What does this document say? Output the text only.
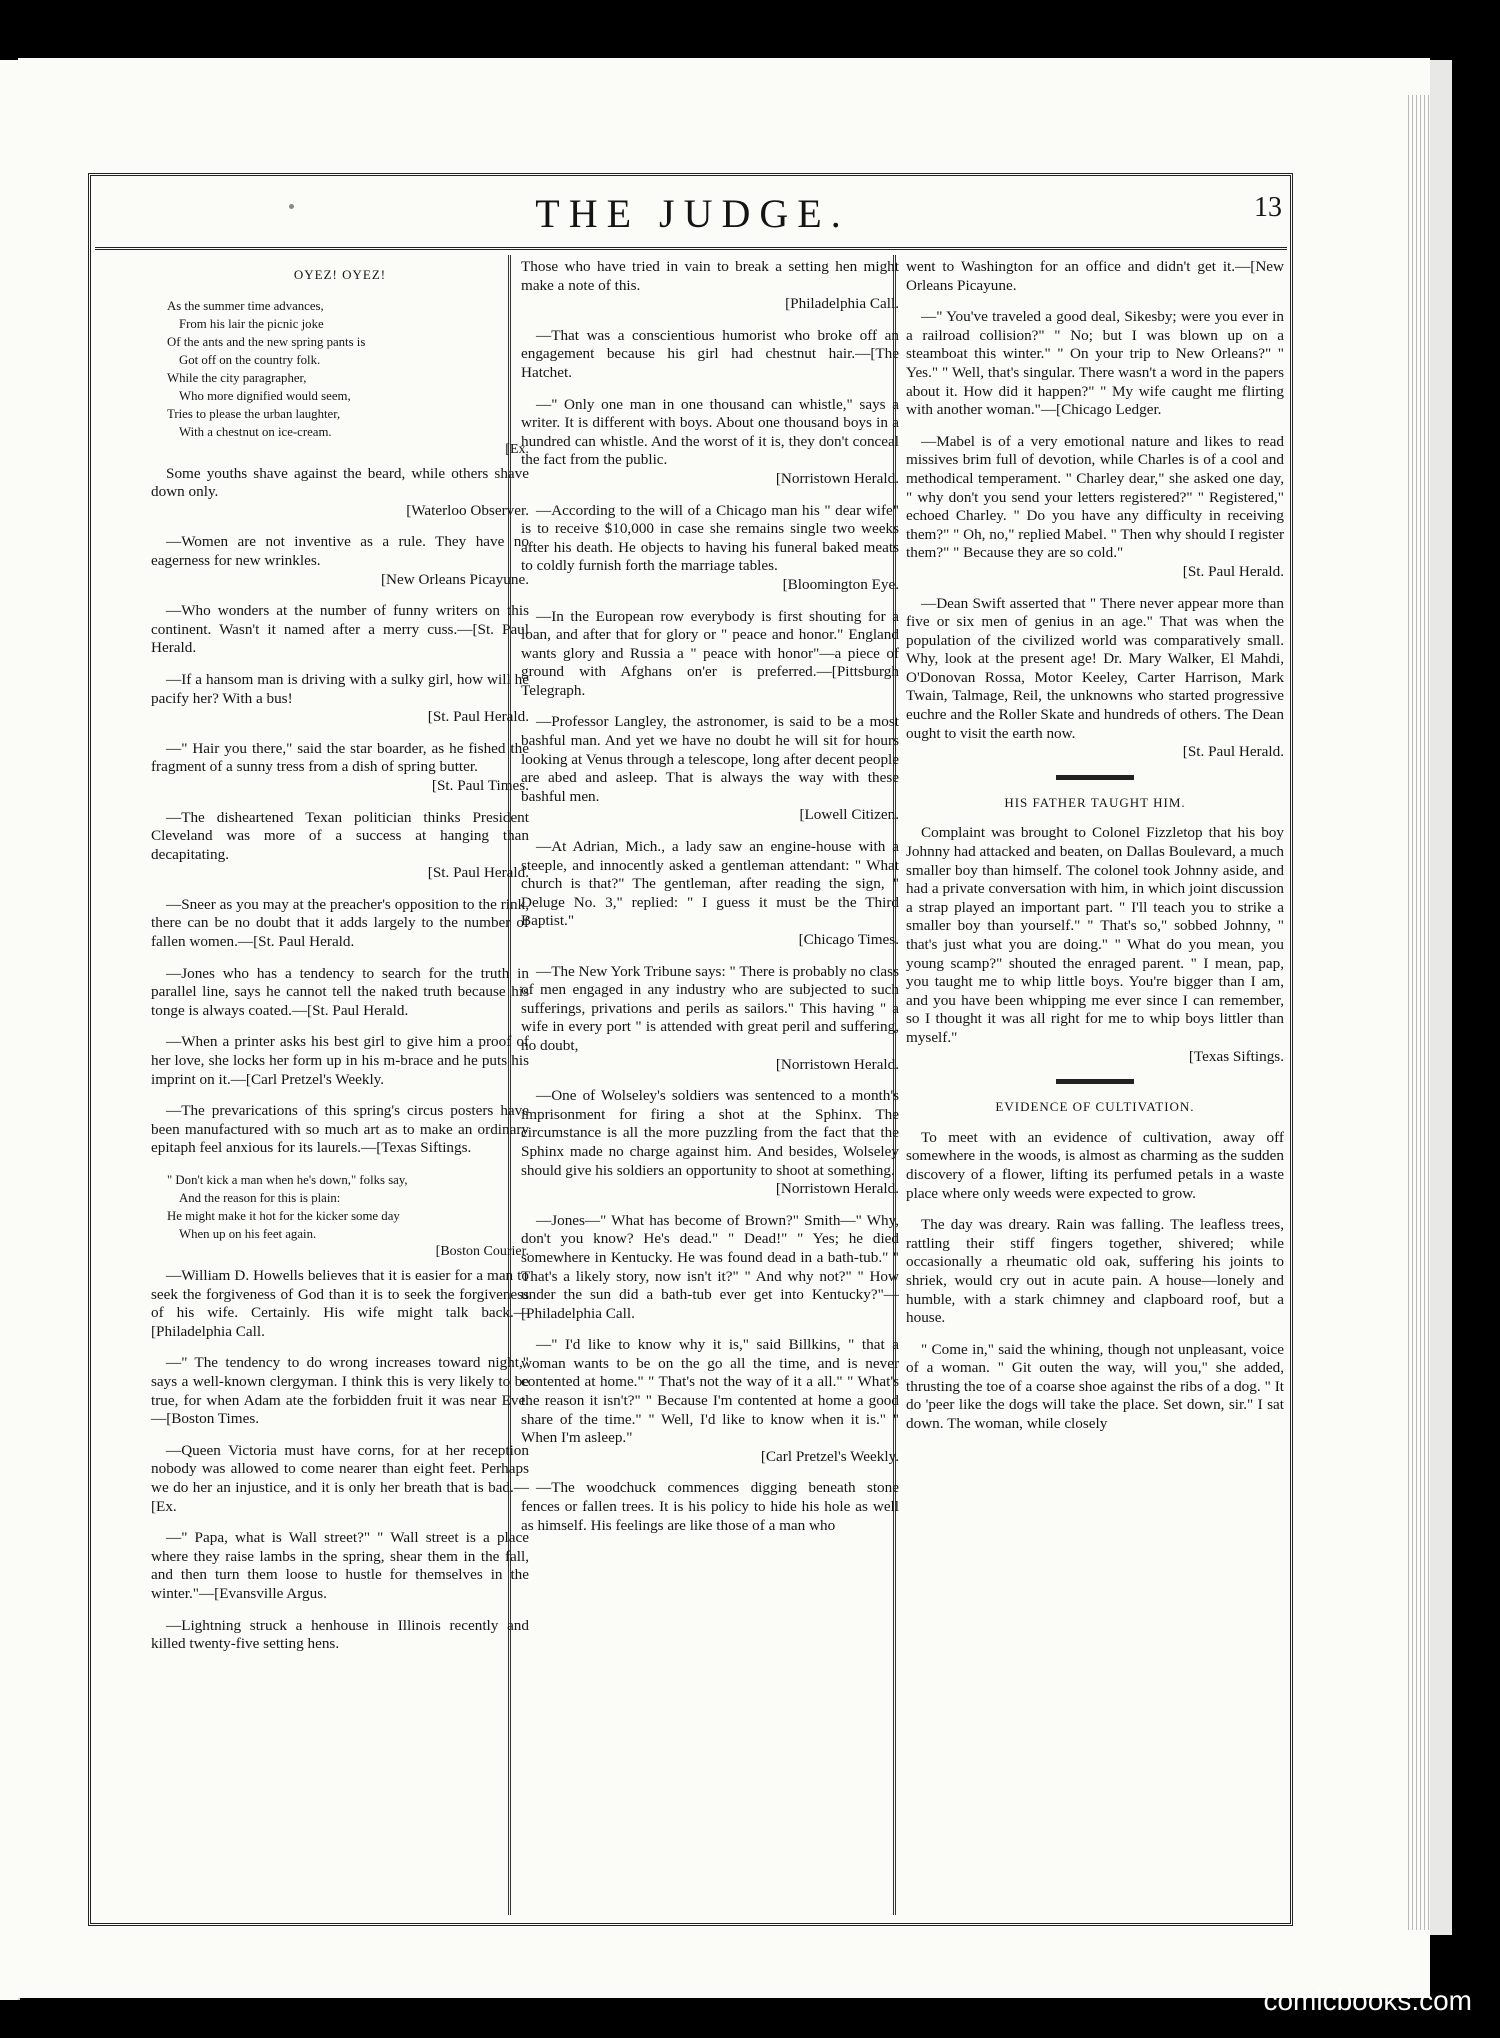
THE JUDGE.	13
OYEZ! OYEZ!
As the summer time advances,
From his lair the picnic joke
Of the ants and the new spring pants is
Got off on the country folk.
While the city paragrapher,
Who more dignified would seem,
Tries to please the urban laughter,
With a chestnut on ice-cream.
[Ex.

Some youths shave against the beard, while others shave down only.
[Waterloo Observer.

—Women are not inventive as a rule. They have no eagerness for new wrinkles.
[New Orleans Picayune.

—Who wonders at the number of funny writers on this continent. Wasn't it named after a merry cuss.—[St. Paul Herald.

—If a hansom man is driving with a sulky girl, how will he pacify her? With a bus!
[St. Paul Herald.

—" Hair you there," said the star boarder, as he fished the fragment of a sunny tress from a dish of spring butter.
[St. Paul Times.

—The disheartened Texan politician thinks President Cleveland was more of a success at hanging than decapitating.
[St. Paul Herald.

—Sneer as you may at the preacher's opposition to the rink, there can be no doubt that it adds largely to the number of fallen women.—[St. Paul Herald.

—Jones who has a tendency to search for the truth in parallel line, says he cannot tell the naked truth because his tonge is always coated.—[St. Paul Herald.

—When a printer asks his best girl to give him a proof of her love, she locks her form up in his m-brace and he puts his imprint on it.—[Carl Pretzel's Weekly.

—The prevarications of this spring's circus posters have been manufactured with so much art as to make an ordinary epitaph feel anxious for its laurels.—[Texas Siftings.

" Don't kick a man when he's down," folks say,
And the reason for this is plain:
He might make it hot for the kicker some day
When up on his feet again.
[Boston Courier.

—William D. Howells believes that it is easier for a man to seek the forgiveness of God than it is to seek the forgiveness of his wife. Certainly. His wife might talk back.—[Philadelphia Call.

—" The tendency to do wrong increases toward night," says a well-known clergyman. I think this is very likely to be true, for when Adam ate the forbidden fruit it was near Eve.—[Boston Times.

—Queen Victoria must have corns, for at her reception nobody was allowed to come nearer than eight feet. Perhaps we do her an injustice, and it is only her breath that is bad.—[Ex.

—" Papa, what is Wall street?" " Wall street is a place where they raise lambs in the spring, shear them in the fall, and then turn them loose to hustle for themselves in the winter."—[Evansville Argus.

—Lightning struck a henhouse in Illinois recently and killed twenty-five setting hens.

Those who have tried in vain to break a setting hen might make a note of this.
[Philadelphia Call.

—That was a conscientious humorist who broke off an engagement because his girl had chestnut hair.—[The Hatchet.

—" Only one man in one thousand can whistle," says a writer. It is different with boys. About one thousand boys in a hundred can whistle. And the worst of it is, they don't conceal the fact from the public.
[Norristown Herald.

—According to the will of a Chicago man his " dear wife" is to receive $10,000 in case she remains single two weeks after his death. He objects to having his funeral baked meats to coldly furnish forth the marriage tables.
[Bloomington Eye.

—In the European row everybody is first shouting for a loan, and after that for glory or " peace and honor." England wants glory and Russia a " peace with honor"—a piece of ground with Afghans on'er is preferred.—[Pittsburgh Telegraph.

—Professor Langley, the astronomer, is said to be a most bashful man. And yet we have no doubt he will sit for hours looking at Venus through a telescope, long after decent people are abed and asleep. That is always the way with these bashful men.
[Lowell Citizen.

—At Adrian, Mich., a lady saw an engine-house with a steeple, and innocently asked a gentleman attendant: " What church is that?" The gentleman, after reading the sign, " Deluge No. 3," replied: " I guess it must be the Third Baptist."
[Chicago Times.

—The New York Tribune says: " There is probably no class of men engaged in any industry who are subjected to such sufferings, privations and perils as sailors." This having " a wife in every port " is attended with great peril and suffering, no doubt,
[Norristown Herald.

—One of Wolseley's soldiers was sentenced to a month's imprisonment for firing a shot at the Sphinx. The circumstance is all the more puzzling from the fact that the Sphinx made no charge against him. And besides, Wolseley should give his soldiers an opportunity to shoot at something.
[Norristown Herald.

—Jones—" What has become of Brown?" Smith—" Why, don't you know? He's dead." " Dead!" " Yes; he died somewhere in Kentucky. He was found dead in a bath-tub." " That's a likely story, now isn't it?" " And why not?" " How under the sun did a bath-tub ever get into Kentucky?"—[Philadelphia Call.

—" I'd like to know why it is," said Billkins, " that a woman wants to be on the go all the time, and is never contented at home." " That's not the way of it a all." " What's the reason it isn't?" " Because I'm contented at home a good share of the time." " Well, I'd like to know when it is." " When I'm asleep."
[Carl Pretzel's Weekly.

—The woodchuck commences digging beneath stone fences or fallen trees. It is his policy to hide his hole as well as himself. His feelings are like those of a man who

went to Washington for an office and didn't get it.—[New Orleans Picayune.

—" You've traveled a good deal, Sikesby; were you ever in a railroad collision?" " No; but I was blown up on a steamboat this winter." " On your trip to New Orleans?" " Yes." " Well, that's singular. There wasn't a word in the papers about it. How did it happen?" " My wife caught me flirting with another woman."—[Chicago Ledger.

—Mabel is of a very emotional nature and likes to read missives brim full of devotion, while Charles is of a cool and methodical temperament. " Charley dear," she asked one day, " why don't you send your letters registered?" " Registered," echoed Charley. " Do you have any difficulty in receiving them?" " Oh, no," replied Mabel. " Then why should I register them?" " Because they are so cold."
[St. Paul Herald.

—Dean Swift asserted that " There never appear more than five or six men of genius in an age." That was when the population of the civilized world was comparatively small. Why, look at the present age! Dr. Mary Walker, El Mahdi, O'Donovan Rossa, Motor Keeley, Carter Harrison, Mark Twain, Talmage, Reil, the unknowns who started progressive euchre and the Roller Skate and hundreds of others. The Dean ought to visit the earth now.
[St. Paul Herald.

HIS FATHER TAUGHT HIM.

Complaint was brought to Colonel Fizzletop that his boy Johnny had attacked and beaten, on Dallas Boulevard, a much smaller boy than himself. The colonel took Johnny aside, and had a private conversation with him, in which joint discussion a strap played an important part. " I'll teach you to strike a smaller boy than yourself." " That's so," sobbed Johnny, " that's just what you are doing." " What do you mean, you young scamp?" shouted the enraged parent. " I mean, pap, you taught me to whip little boys. You're bigger than I am, and you have been whipping me ever since I can remember, so I thought it was all right for me to whip boys littler than myself."
[Texas Siftings.

EVIDENCE OF CULTIVATION.

To meet with an evidence of cultivation, away off somewhere in the woods, is almost as charming as the sudden discovery of a flower, lifting its perfumed petals in a waste place where only weeds were expected to grow.

The day was dreary. Rain was falling. The leafless trees, rattling their stiff fingers together, shivered; while occasionally a rheumatic old oak, suffering his joints to shriek, would cry out in acute pain. A house—lonely and humble, with a stark chimney and clapboard roof, but a house.

" Come in," said the whining, though not unpleasant, voice of a woman. " Git outen the way, will you," she added, thrusting the toe of a coarse shoe against the ribs of a dog. " It do 'peer like the dogs will take the place. Set down, sir." I sat down. The woman, while closely

comicbooks.com
